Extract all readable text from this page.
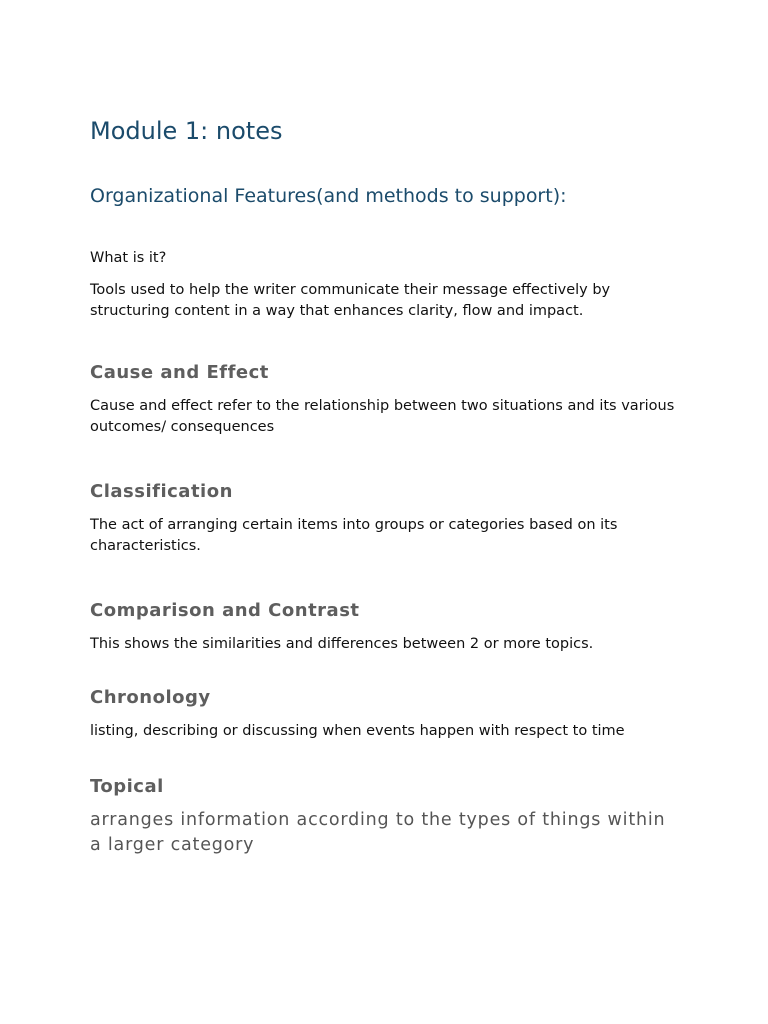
Module 1: notes
Organizational Features(and methods to support):

What is it?

Tools used to help the writer communicate their message effectively by structuring content in a way that enhances clarity, flow and impact.

Cause and Effect

Cause and effect refer to the relationship between two situations and its various outcomes/ consequences

Classification

The act of arranging certain items into groups or categories based on its characteristics.

Comparison and Contrast

This shows the similarities and differences between 2 or more topics.

Chronology

listing, describing or discussing when events happen with respect to time

Topical

arranges information according to the types of things within a larger category
